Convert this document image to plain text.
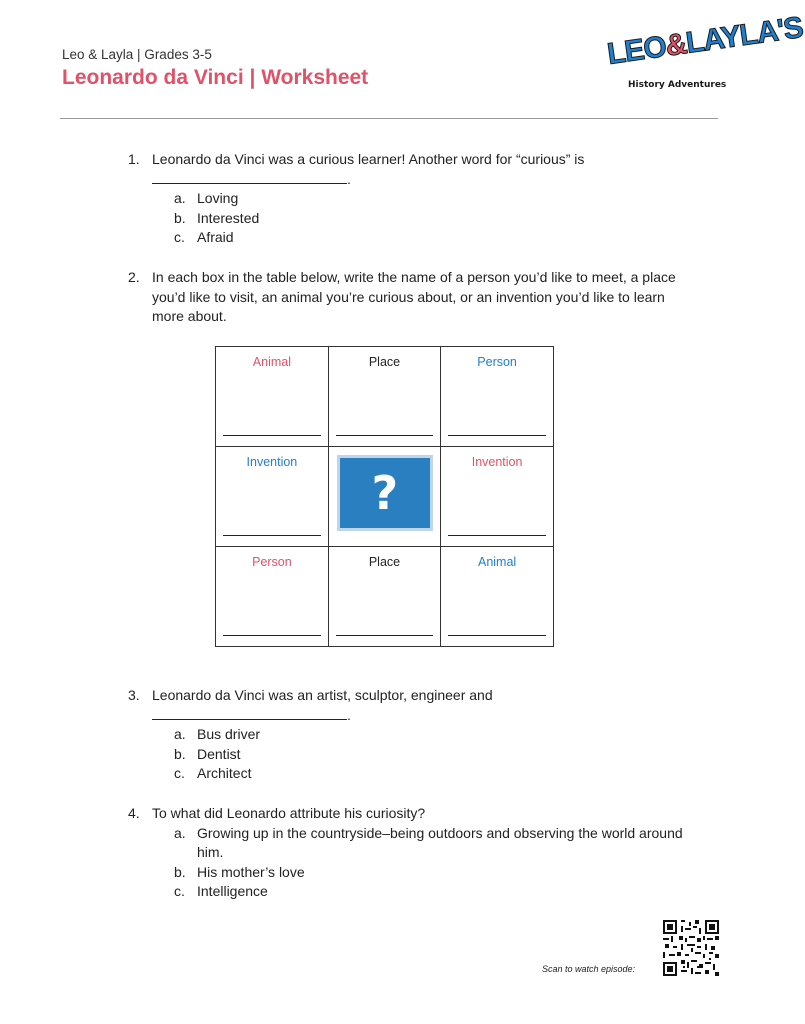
Leo & Layla | Grades 3-5
Leonardo da Vinci | Worksheet
LEO&LAYLA'S
History Adventures
1. Leonardo da Vinci was a curious learner! Another word for “curious” is
.
a. Loving
b. Interested
c. Afraid
2. In each box in the table below, write the name of a person you’d like to meet, a place you’d like to visit, an animal you’re curious about, or an invention you’d like to learn more about.
Animal	Place	Person

Invention	?	Invention

Person	Place	Animal
3. Leonardo da Vinci was an artist, sculptor, engineer and
.
a. Bus driver
b. Dentist
c. Architect
4. To what did Leonardo attribute his curiosity?
a. Growing up in the countryside–being outdoors and observing the world around him.
b. His mother’s love
c. Intelligence
Scan to watch episode:
